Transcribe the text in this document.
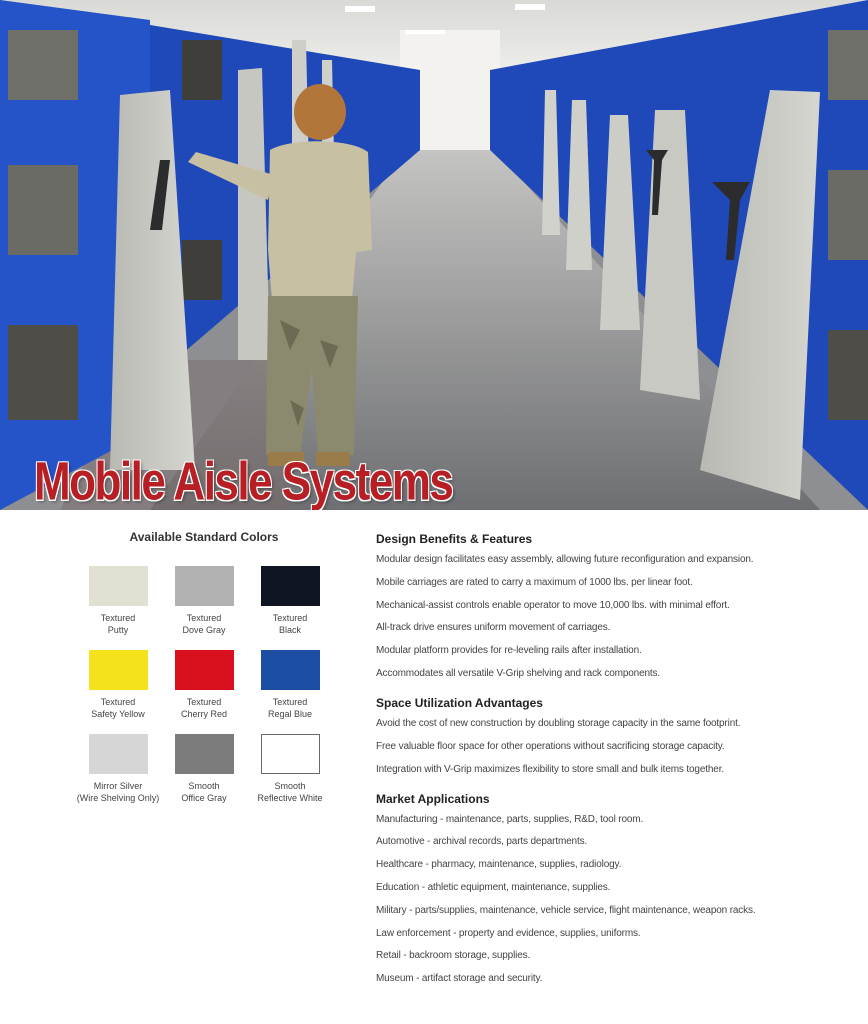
Mobile Aisle Systems
Available Standard Colors
Textured
Putty
Textured
Dove Gray
Textured
Black
Textured
Safety Yellow
Textured
Cherry Red
Textured
Regal Blue
Mirror Silver
(Wire Shelving Only)
Smooth
Office Gray
Smooth
Reflective White
Design Benefits & Features
Modular design facilitates easy assembly, allowing future reconfiguration and expansion.
Mobile carriages are rated to carry a maximum of 1000 lbs. per linear foot.
Mechanical-assist controls enable operator to move 10,000 lbs. with minimal effort.
All-track drive ensures uniform movement of carriages.
Modular platform provides for re-leveling rails after installation.
Accommodates all versatile V-Grip shelving and rack components.
Space Utilization Advantages
Avoid the cost of new construction by doubling storage capacity in the same footprint.
Free valuable floor space for other operations without sacrificing storage capacity.
Integration with V-Grip maximizes flexibility to store small and bulk items together.
Market Applications
Manufacturing - maintenance, parts, supplies, R&D, tool room.
Automotive - archival records, parts departments.
Healthcare - pharmacy, maintenance, supplies, radiology.
Education - athletic equipment, maintenance, supplies.
Military - parts/supplies, maintenance, vehicle service, flight maintenance, weapon racks.
Law enforcement - property and evidence, supplies, uniforms.
Retail - backroom storage, supplies.
Museum - artifact storage and security.
